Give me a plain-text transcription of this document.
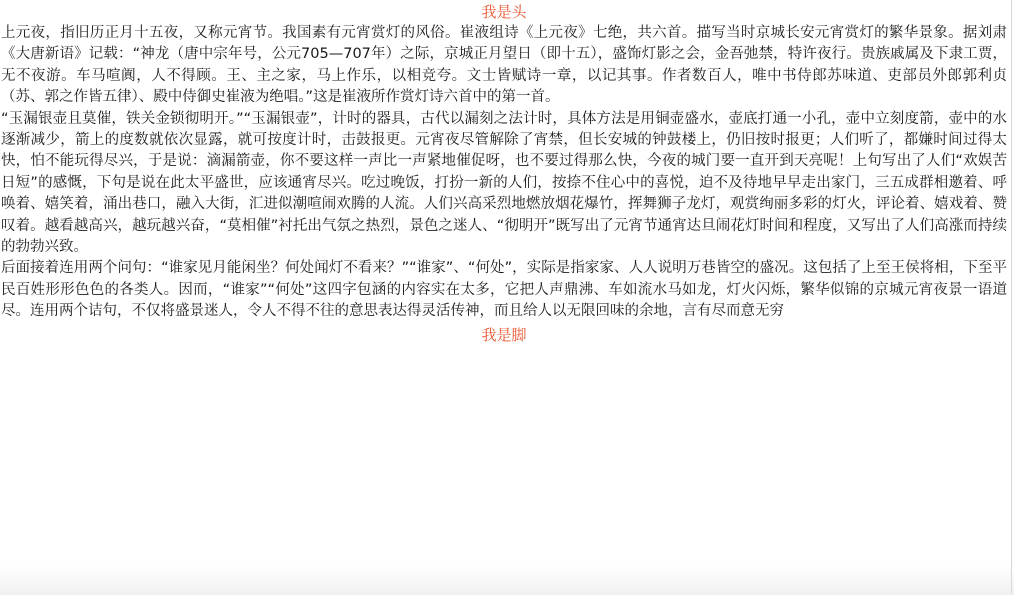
我是头

上元夜，指旧历正月十五夜，又称元宵节。我国素有元宵赏灯的风俗。崔液组诗《上元夜》七绝，共六首。描写当时京城长安元宵赏灯的繁华景象。据刘肃《大唐新语》记载：“神龙（唐中宗年号，公元705—707年）之际，京城正月望日（即十五），盛饰灯影之会，金吾弛禁，特许夜行。贵族戚属及下隶工贾，无不夜游。车马喧阗，人不得顾。王、主之家，马上作乐，以相竞夸。文士皆赋诗一章，以记其事。作者数百人，唯中书侍郎苏味道、吏部员外郎郭利贞（苏、郭之作皆五律）、殿中侍御史崔液为绝唱。”这是崔液所作赏灯诗六首中的第一首。

“玉漏银壶且莫催，铁关金锁彻明开。”“玉漏银壶”，计时的器具，古代以漏刻之法计时，具体方法是用铜壶盛水，壶底打通一小孔，壶中立刻度箭，壶中的水逐渐减少，箭上的度数就依次显露，就可按度计时，击鼓报更。元宵夜尽管解除了宵禁，但长安城的钟鼓楼上，仍旧按时报更；人们听了，都嫌时间过得太快，怕不能玩得尽兴，于是说：滴漏箭壶，你不要这样一声比一声紧地催促呀，也不要过得那么快，今夜的城门要一直开到天亮呢！上句写出了人们“欢娱苦日短”的感慨，下句是说在此太平盛世，应该通宵尽兴。吃过晚饭，打扮一新的人们，按捺不住心中的喜悦，迫不及待地早早走出家门，三五成群相邀着、呼唤着、嬉笑着，涌出巷口，融入大街，汇进似潮喧闹欢腾的人流。人们兴高采烈地燃放烟花爆竹，挥舞狮子龙灯，观赏绚丽多彩的灯火，评论着、嬉戏着、赞叹着。越看越高兴，越玩越兴奋，“莫相催”衬托出气氛之热烈，景色之迷人、“彻明开”既写出了元宵节通宵达旦闹花灯时间和程度，又写出了人们高涨而持续的勃勃兴致。

后面接着连用两个问句：“谁家见月能闲坐？何处闻灯不看来？”“谁家”、“何处”，实际是指家家、人人说明万巷皆空的盛况。这包括了上至王侯将相，下至平民百姓形形色色的各类人。因而，“谁家”“何处”这四字包涵的内容实在太多，它把人声鼎沸、车如流水马如龙，灯火闪烁，繁华似锦的京城元宵夜景一语道尽。连用两个诘句，不仅将盛景迷人，令人不得不往的意思表达得灵活传神，而且给人以无限回味的余地，言有尽而意无穷

我是脚
